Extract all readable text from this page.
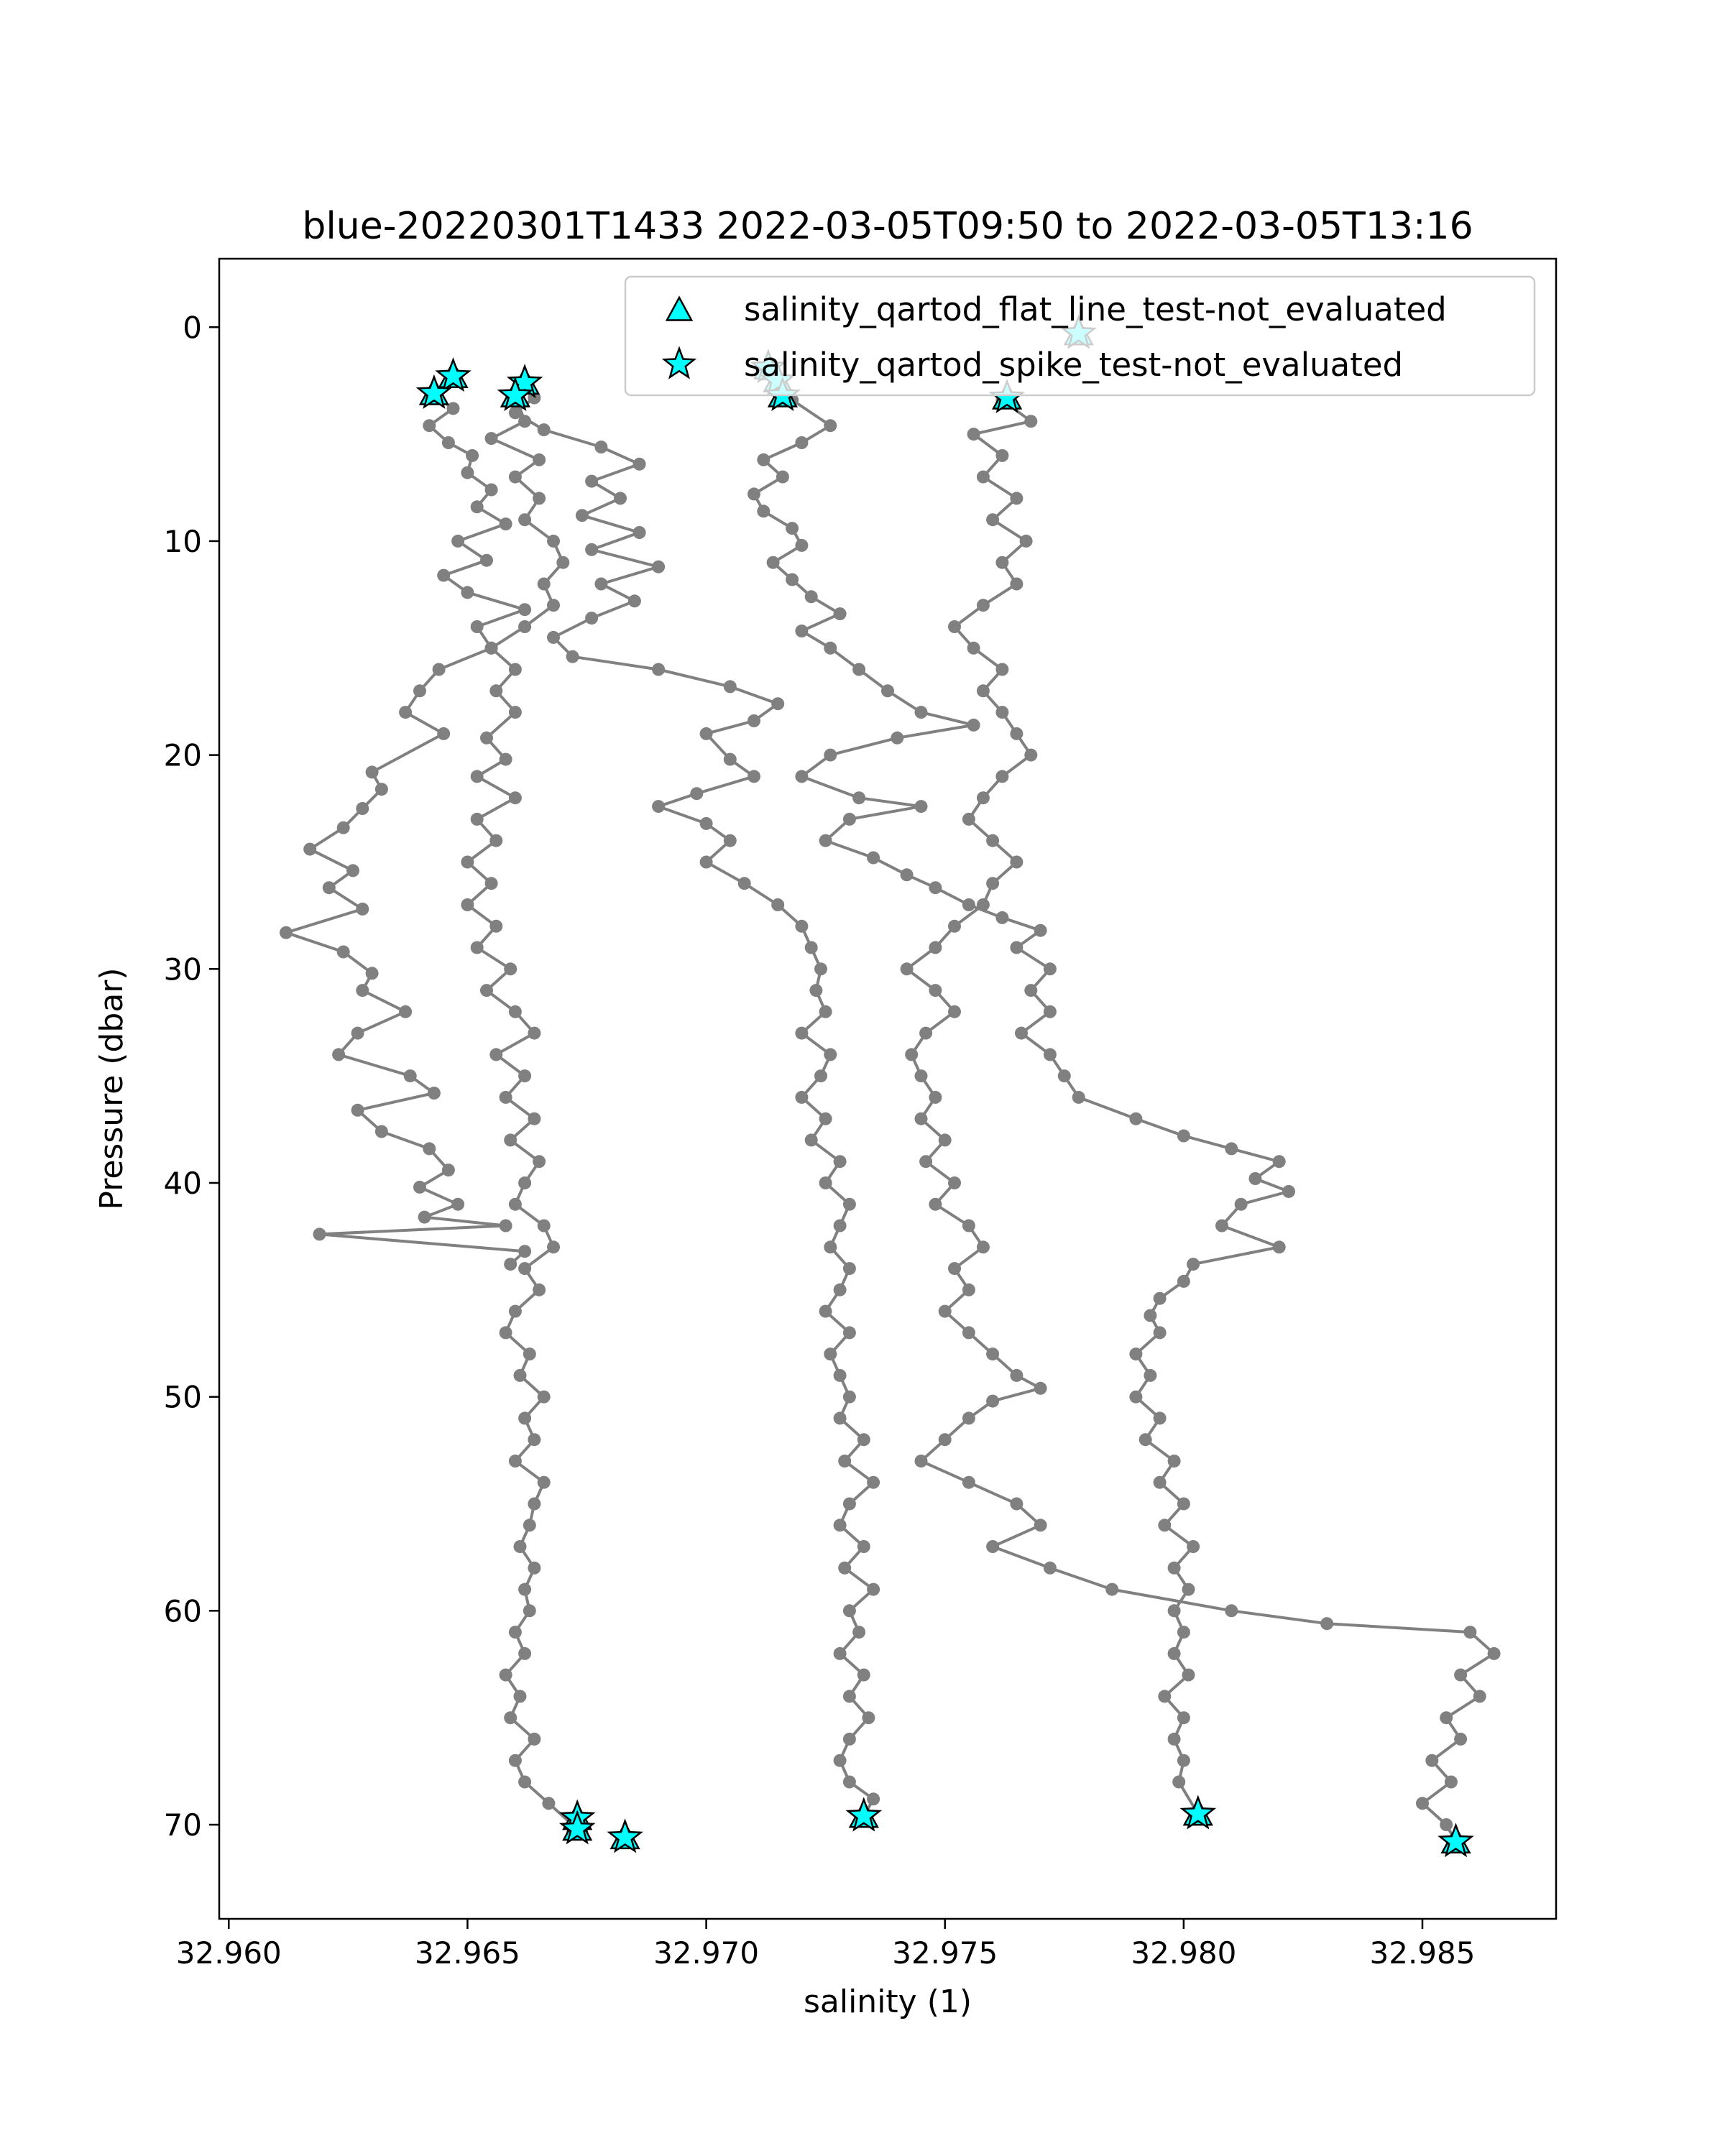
blue-20220301T1433 2022-03-05T09:50 to 2022-03-05T13:16
32.960	32.965	32.970	32.975	32.980	32.985
0
10
20
30
40
50
60
70
salinity (1)
Pressure (dbar)
salinity_qartod_flat_line_test-not_evaluated
salinity_qartod_spike_test-not_evaluated
